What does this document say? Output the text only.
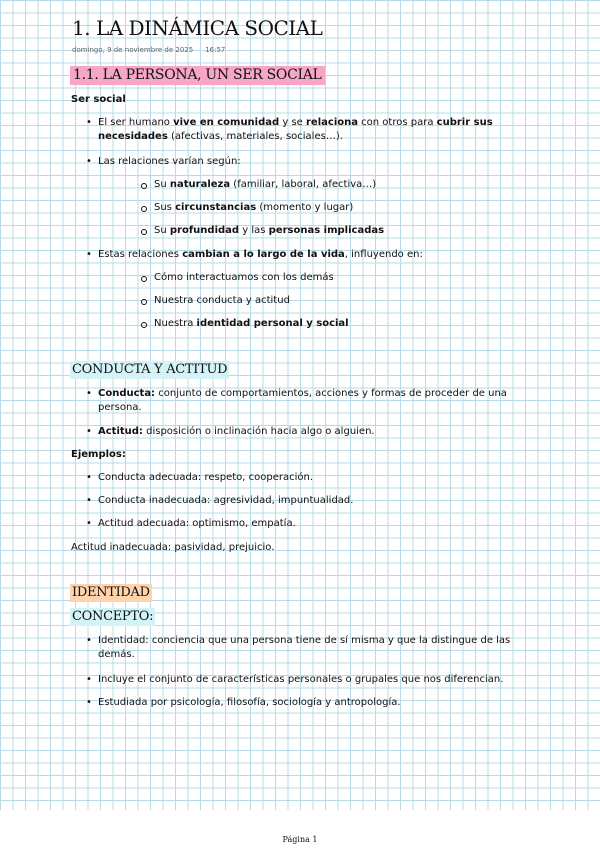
1. LA DINÁMICA SOCIAL
domingo, 9 de noviembre de 2025 16:57
1.1. LA PERSONA, UN SER SOCIAL
Ser social
• El ser humano vive en comunidad y se relaciona con otros para cubrir sus necesidades (afectivas, materiales, sociales…).
• Las relaciones varían según:
Su naturaleza (familiar, laboral, afectiva…)
Sus circunstancias (momento y lugar)
Su profundidad y las personas implicadas
• Estas relaciones cambian a lo largo de la vida, influyendo en:
Cómo interactuamos con los demás
Nuestra conducta y actitud
Nuestra identidad personal y social
CONDUCTA Y ACTITUD
• Conducta: conjunto de comportamientos, acciones y formas de proceder de una persona.
• Actitud: disposición o inclinación hacia algo o alguien.
Ejemplos:
• Conducta adecuada: respeto, cooperación.
• Conducta inadecuada: agresividad, impuntualidad.
• Actitud adecuada: optimismo, empatía.
Actitud inadecuada: pasividad, prejuicio.
IDENTIDAD
CONCEPTO:
• Identidad: conciencia que una persona tiene de sí misma y que la distingue de las demás.
• Incluye el conjunto de características personales o grupales que nos diferencian.
• Estudiada por psicología, filosofía, sociología y antropología.
Página 1
